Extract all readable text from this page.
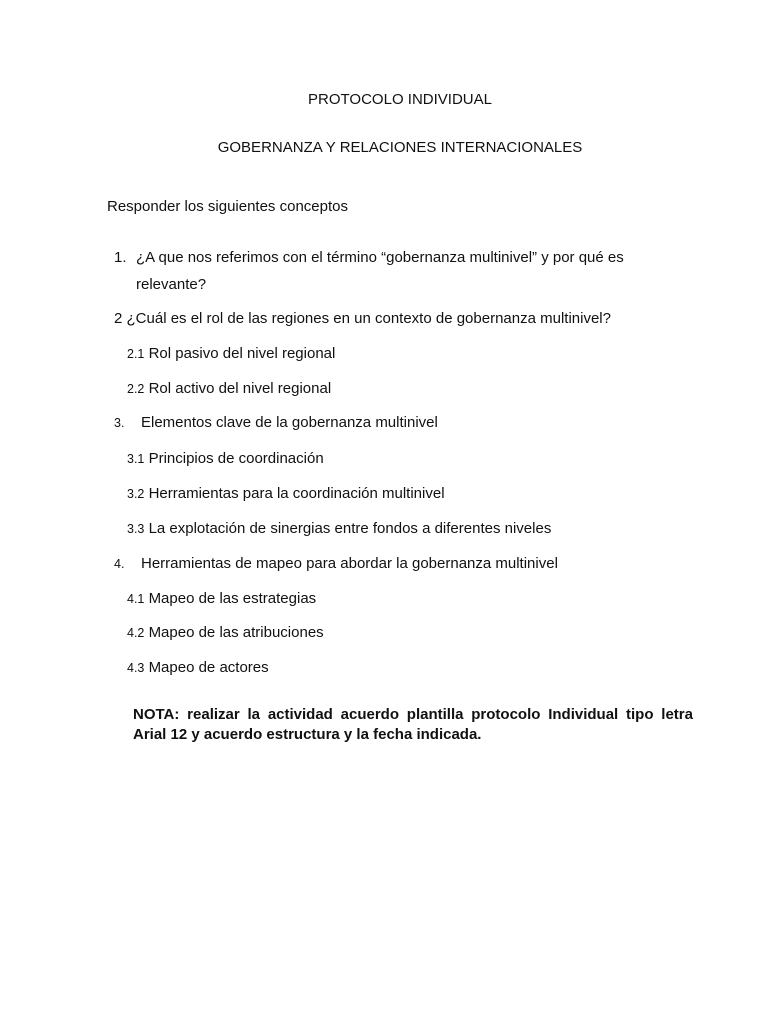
PROTOCOLO INDIVIDUAL
GOBERNANZA Y RELACIONES INTERNACIONALES
Responder los siguientes conceptos
1. ¿A que nos referimos con el término “gobernanza multinivel” y por qué es
relevante?
2 ¿Cuál es el rol de las regiones en un contexto de gobernanza multinivel?
2.1 Rol pasivo del nivel regional
2.2 Rol activo del nivel regional
3. Elementos clave de la gobernanza multinivel
3.1 Principios de coordinación
3.2 Herramientas para la coordinación multinivel
3.3 La explotación de sinergias entre fondos a diferentes niveles
4. Herramientas de mapeo para abordar la gobernanza multinivel
4.1 Mapeo de las estrategias
4.2 Mapeo de las atribuciones
4.3 Mapeo de actores
NOTA: realizar la actividad acuerdo plantilla protocolo Individual tipo letra Arial 12 y acuerdo estructura y la fecha indicada.
